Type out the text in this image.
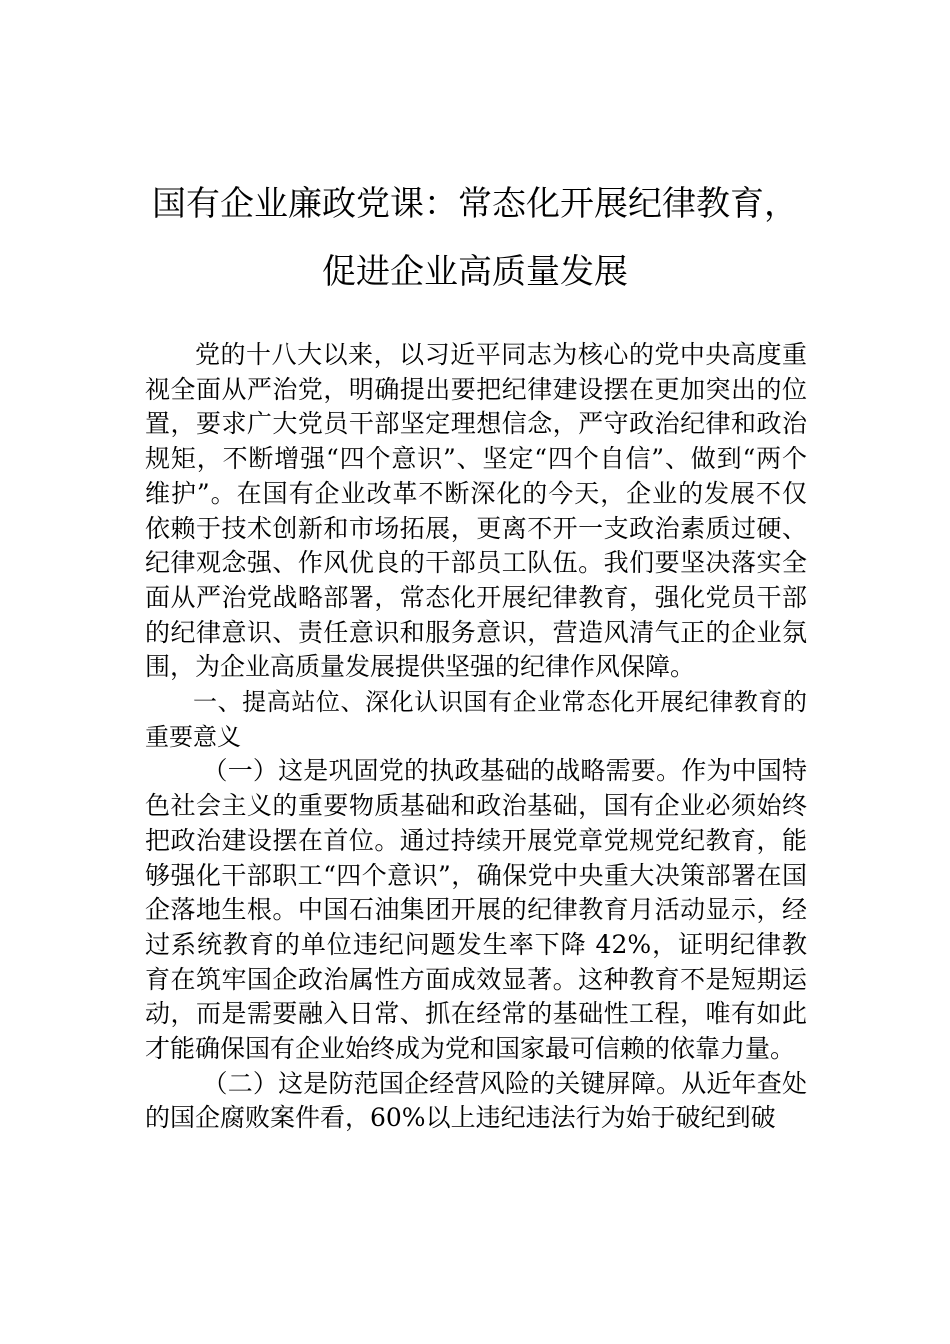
国有企业廉政党课：常态化开展纪律教育，
促进企业高质量发展

党的十八大以来，以习近平同志为核心的党中央高度重视全面从严治党，明确提出要把纪律建设摆在更加突出的位置，要求广大党员干部坚定理想信念，严守政治纪律和政治规矩，不断增强“四个意识”、坚定“四个自信”、做到“两个维护”。在国有企业改革不断深化的今天，企业的发展不仅依赖于技术创新和市场拓展，更离不开一支政治素质过硬、纪律观念强、作风优良的干部员工队伍。我们要坚决落实全面从严治党战略部署，常态化开展纪律教育，强化党员干部的纪律意识、责任意识和服务意识，营造风清气正的企业氛围，为企业高质量发展提供坚强的纪律作风保障。

一、提高站位、深化认识国有企业常态化开展纪律教育的重要意义

（一）这是巩固党的执政基础的战略需要。作为中国特色社会主义的重要物质基础和政治基础，国有企业必须始终把政治建设摆在首位。通过持续开展党章党规党纪教育，能够强化干部职工“四个意识”，确保党中央重大决策部署在国企落地生根。中国石油集团开展的纪律教育月活动显示，经过系统教育的单位违纪问题发生率下降 42%，证明纪律教育在筑牢国企政治属性方面成效显著。这种教育不是短期运动，而是需要融入日常、抓在经常的基础性工程，唯有如此才能确保国有企业始终成为党和国家最可信赖的依靠力量。

（二）这是防范国企经营风险的关键屏障。从近年查处的国企腐败案件看，60%以上违纪违法行为始于破纪到破
